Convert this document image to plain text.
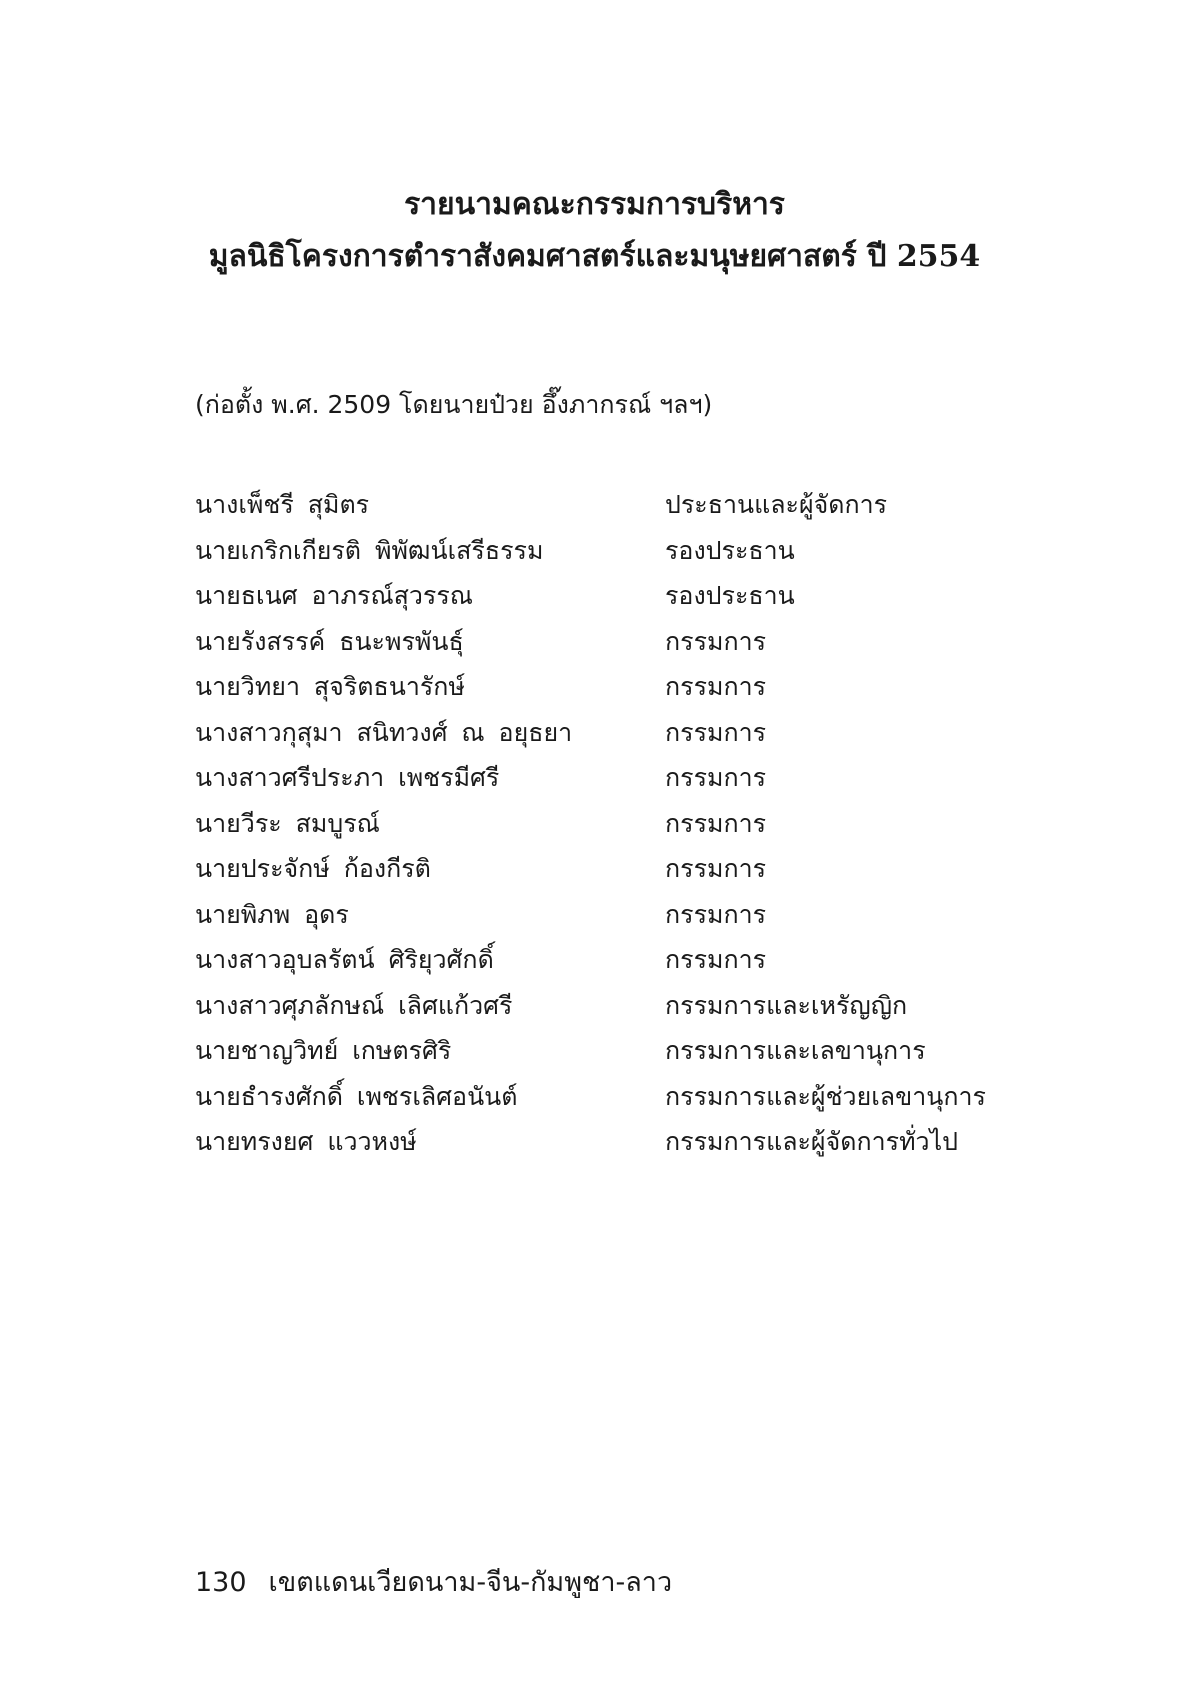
รายนามคณะกรรมการบริหาร
มูลนิธิโครงการตำราสังคมศาสตร์และมนุษยศาสตร์ ปี 2554

(ก่อตั้ง พ.ศ. 2509 โดยนายป๋วย อึ๊งภากรณ์ ฯลฯ)

นางเพ็ชรี สุมิตร	ประธานและผู้จัดการ
นายเกริกเกียรติ พิพัฒน์เสรีธรรม	รองประธาน
นายธเนศ อาภรณ์สุวรรณ	รองประธาน
นายรังสรรค์ ธนะพรพันธุ์	กรรมการ
นายวิทยา สุจริตธนารักษ์	กรรมการ
นางสาวกุสุมา สนิทวงศ์ ณ อยุธยา	กรรมการ
นางสาวศรีประภา เพชรมีศรี	กรรมการ
นายวีระ สมบูรณ์	กรรมการ
นายประจักษ์ ก้องกีรติ	กรรมการ
นายพิภพ อุดร	กรรมการ
นางสาวอุบลรัตน์ ศิริยุวศักดิ์	กรรมการ
นางสาวศุภลักษณ์ เลิศแก้วศรี	กรรมการและเหรัญญิก
นายชาญวิทย์ เกษตรศิริ	กรรมการและเลขานุการ
นายธำรงศักดิ์ เพชรเลิศอนันต์	กรรมการและผู้ช่วยเลขานุการ
นายทรงยศ แววหงษ์	กรรมการและผู้จัดการทั่วไป
130 เขตแดนเวียดนาม-จีน-กัมพูชา-ลาว
